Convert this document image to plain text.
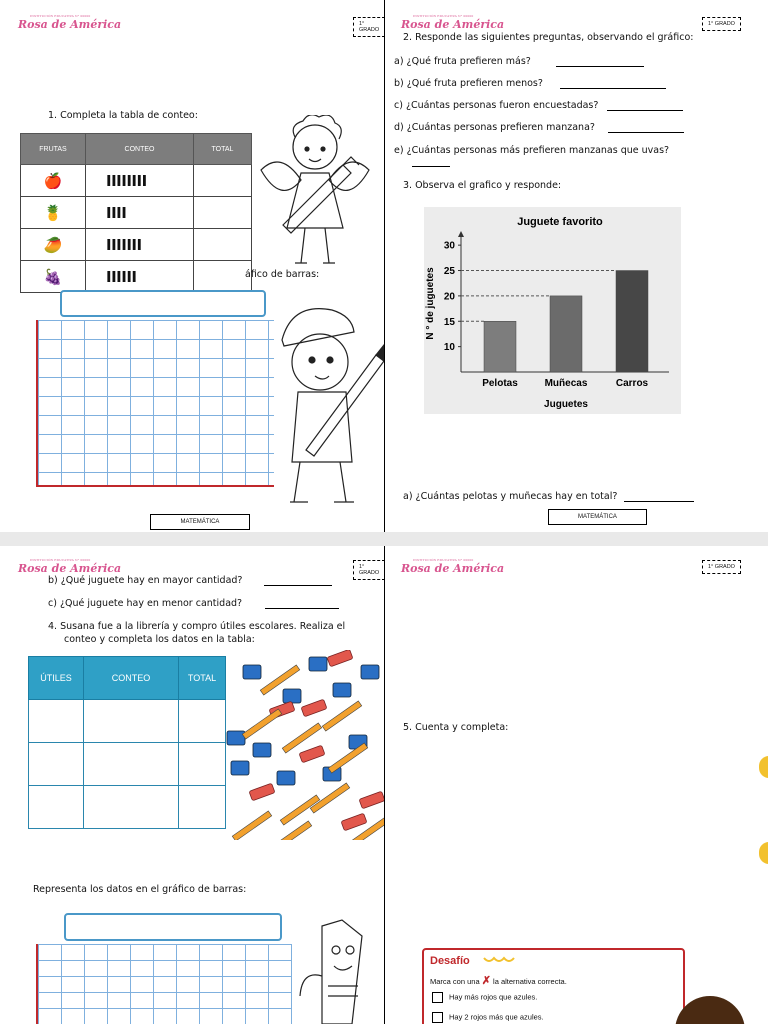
INSTITUCIÓN EDUCATIVA N° 00000
Rosa de América	1° GRADO
1. Completa la tabla de conteo:
FRUTAS	CONTEO	TOTAL
🍎	IIIIIIII	
🍍	IIII	
🥭	IIIIIII	
🍇	IIIIII		áfico de barras:
MATEMÁTICA
INSTITUCIÓN EDUCATIVA N° 00000
Rosa de América	1° GRADO
2. Responde las siguientes preguntas, observando el gráfico:
a) ¿Qué fruta prefieren más?
b) ¿Qué fruta prefieren menos?
c) ¿Cuántas personas fueron encuestadas?
d) ¿Cuántas personas prefieren manzana?
e) ¿Cuántas personas más prefieren manzanas que uvas?
3. Observa el grafico y responde:
Juguete favorito
10
15
20
25
30
Pelotas	Muñecas	Carros
Juguetes
N ° de juguetes
a) ¿Cuántas pelotas y muñecas hay en total?
MATEMÁTICA
INSTITUCIÓN EDUCATIVA N° 00000
Rosa de América	1° GRADO
b) ¿Qué juguete hay en mayor cantidad?
c) ¿Qué juguete hay en menor cantidad?
4. Susana fue a la librería y compro útiles escolares. Realiza el
conteo y completa los datos en la tabla:
ÚTILES	CONTEO	TOTAL

Representa los datos en el gráfico de barras:
INSTITUCIÓN EDUCATIVA N° 00000
Rosa de América	1° GRADO
5. Cuenta y completa:
Desafío
Marca con una ✗ la alternativa correcta.
Hay más rojos que azules.
Hay 2 rojos más que azules.
